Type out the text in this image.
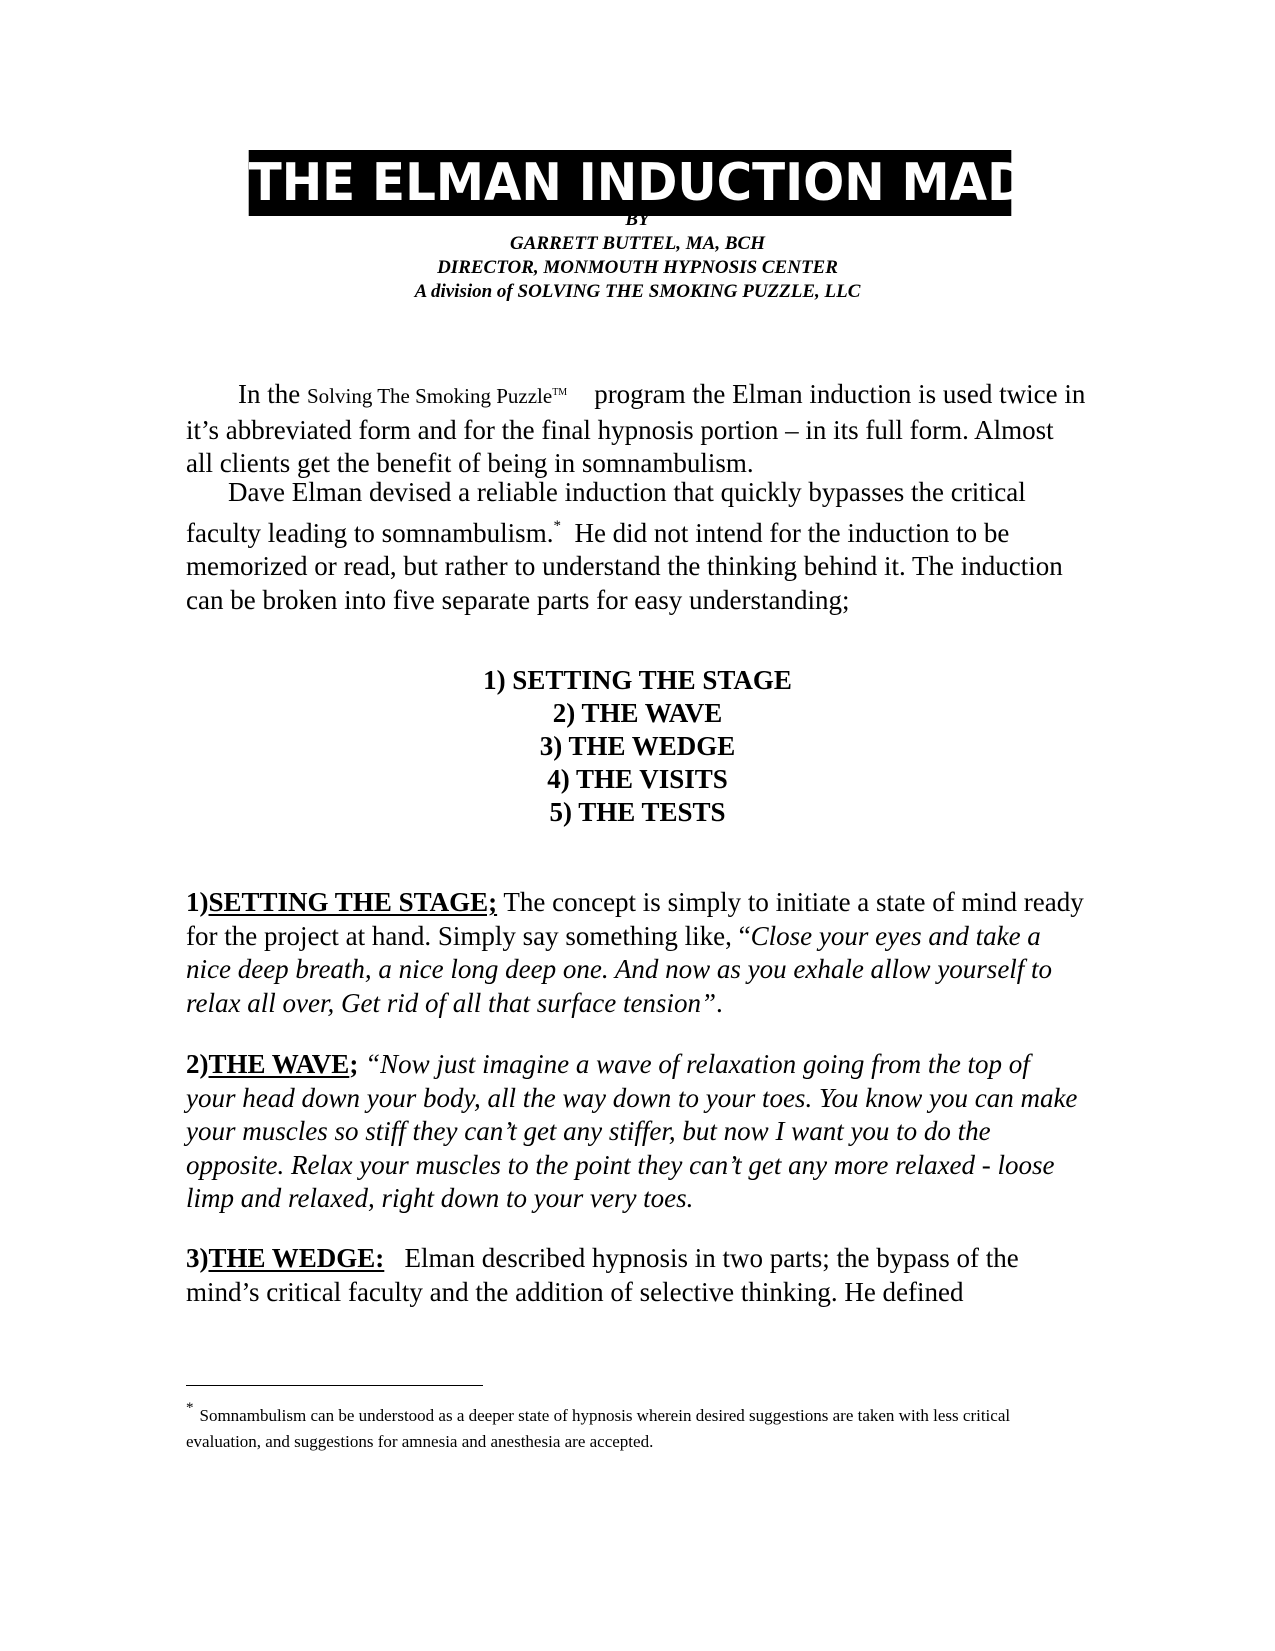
THE ELMAN INDUCTION MADE EASY
BY
GARRETT BUTTEL, MA, BCH
DIRECTOR, MONMOUTH HYPNOSIS CENTER
A division of SOLVING THE SMOKING PUZZLE, LLC
In the Solving The Smoking Puzzle™ program the Elman induction is used twice in it’s abbreviated form and for the final hypnosis portion – in its full form. Almost all clients get the benefit of being in somnambulism.
Dave Elman devised a reliable induction that quickly bypasses the critical faculty leading to somnambulism.* He did not intend for the induction to be memorized or read, but rather to understand the thinking behind it. The induction can be broken into five separate parts for easy understanding;
1) SETTING THE STAGE
2) THE WAVE
3) THE WEDGE
4) THE VISITS
5) THE TESTS
1)SETTING THE STAGE; The concept is simply to initiate a state of mind ready for the project at hand. Simply say something like, “Close your eyes and take a nice deep breath, a nice long deep one. And now as you exhale allow yourself to relax all over, Get rid of all that surface tension”.
2)THE WAVE; “Now just imagine a wave of relaxation going from the top of your head down your body, all the way down to your toes. You know you can make your muscles so stiff they can’t get any stiffer, but now I want you to do the opposite. Relax your muscles to the point they can’t get any more relaxed - loose limp and relaxed, right down to your very toes.
3)THE WEDGE: Elman described hypnosis in two parts; the bypass of the mind’s critical faculty and the addition of selective thinking. He defined
* Somnambulism can be understood as a deeper state of hypnosis wherein desired suggestions are taken with less critical evaluation, and suggestions for amnesia and anesthesia are accepted.
